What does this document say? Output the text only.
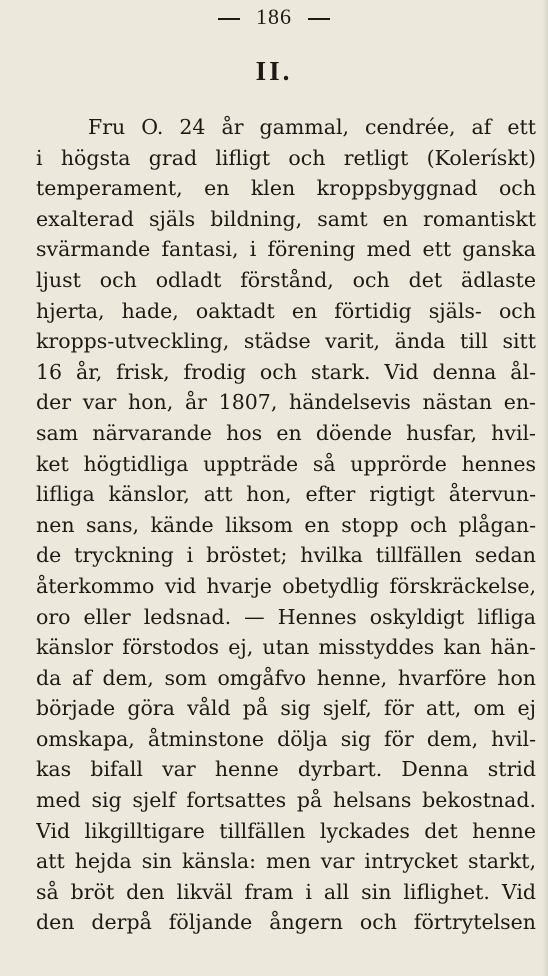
186
II.
Fru O. 24 år gammal, cendrée, af ett
i högsta grad lifligt och retligt (Kolerískt)
temperament, en klen kroppsbyggnad och
exalterad själs bildning, samt en romantiskt
svärmande fantasi, i förening med ett ganska
ljust och odladt förstånd, och det ädlaste
hjerta, hade, oaktadt en förtidig själs- och
kropps-utveckling, städse varit, ända till sitt
16 år, frisk, frodig och stark. Vid denna ål-
der var hon, år 1807, händelsevis nästan en-
sam närvarande hos en döende husfar, hvil-
ket högtidliga uppträde så upprörde hennes
lifliga känslor, att hon, efter rigtigt återvun-
nen sans, kände liksom en stopp och plågan-
de tryckning i bröstet; hvilka tillfällen sedan
återkommo vid hvarje obetydlig förskräckelse,
oro eller ledsnad. — Hennes oskyldigt lifliga
känslor förstodos ej, utan misstyddes kan hän-
da af dem, som omgåfvo henne, hvarföre hon
började göra våld på sig sjelf, för att, om ej
omskapa, åtminstone dölja sig för dem, hvil-
kas bifall var henne dyrbart. Denna strid
med sig sjelf fortsattes på helsans bekostnad.
Vid likgilltigare tillfällen lyckades det henne
att hejda sin känsla: men var intrycket starkt,
så bröt den likväl fram i all sin liflighet. Vid
den derpå följande ångern och förtrytelsen
